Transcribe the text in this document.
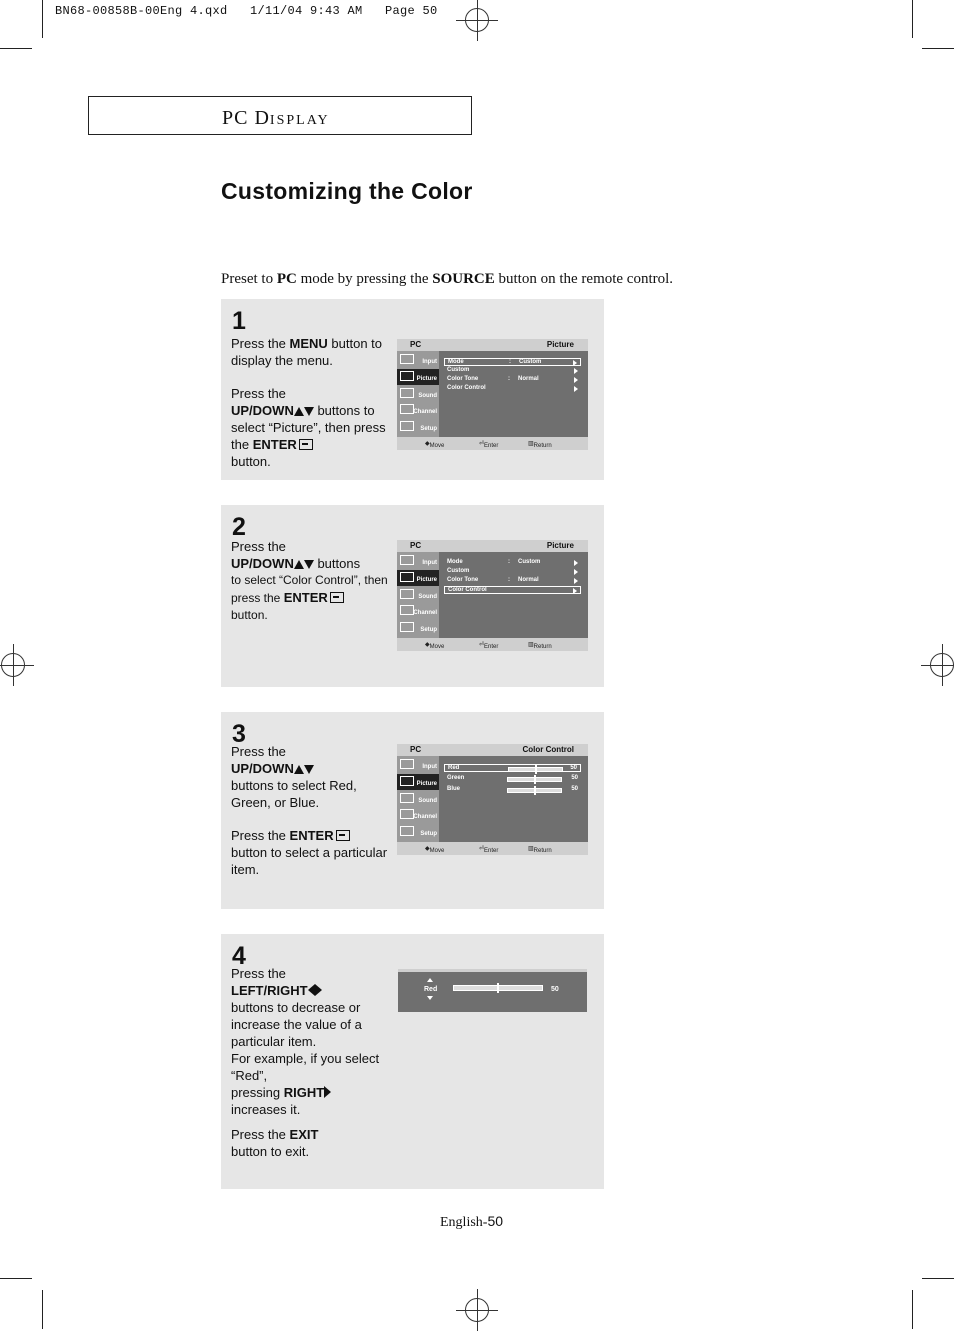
BN68-00858B-00Eng 4.qxd   1/11/04 9:43 AM   Page 50
PC DISPLAY
Customizing the Color
Preset to PC mode by pressing the SOURCE button on the remote control.
1

Press the MENU button to display the menu.

Press the
UP/DOWN buttons to select “Picture”, then press the ENTER
button.

PC	Picture
Input
Picture
Sound
Channel
Setup
Mode	: Custom
Custom
Color Tone	: Normal
Color Control
◆ Move	⏎ Enter	▥ Return
2

Press the
UP/DOWN buttons

to select “Color Control”, then press the ENTER
button.

PC	Picture
Input
Picture
Sound
Channel
Setup
Mode	: Custom
Custom
Color Tone	: Normal
Color Control
◆ Move	⏎ Enter	▥ Return
3

Press the
UP/DOWN
buttons to select Red, Green, or Blue.

Press the ENTER
button to select a particular item.

PC	Color Control
Input
Picture
Sound
Channel
Setup
Red	50
Green	50
Blue	50
◆ Move	⏎ Enter	▥ Return
4

Press the
LEFT/RIGHT
buttons to decrease or increase the value of a particular item.

For example, if you select “Red”,

pressing RIGHT
increases it.

Press the EXIT
button to exit.

Red	50
English-50
